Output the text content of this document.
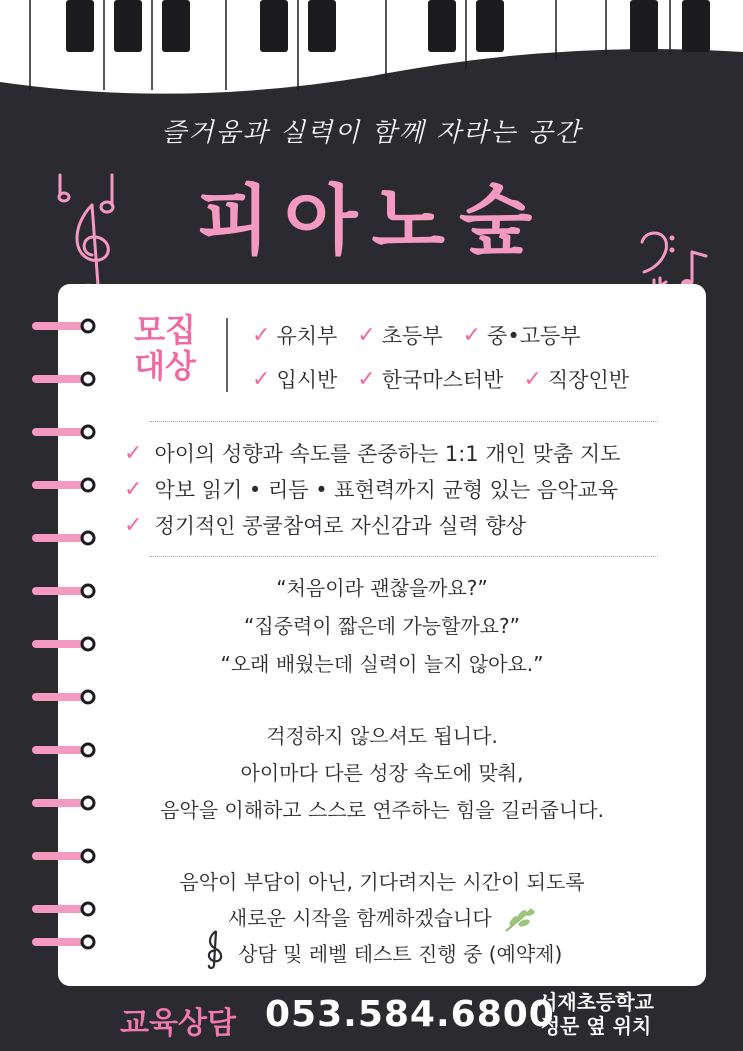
즐거움과 실력이 함께 자라는 공간
피아노숲
모집
대상
✓ 유치부 ✓ 초등부 ✓ 중•고등부
✓ 입시반 ✓ 한국마스터반 ✓ 직장인반
✓ 아이의 성향과 속도를 존중하는 1:1 개인 맞춤 지도
✓ 악보 읽기 • 리듬 • 표현력까지 균형 있는 음악교육
✓ 정기적인 콩쿨참여로 자신감과 실력 향상
“처음이라 괜찮을까요?”
“집중력이 짧은데 가능할까요?”
“오래 배웠는데 실력이 늘지 않아요.”
걱정하지 않으셔도 됩니다.
아이마다 다른 성장 속도에 맞춰,
음악을 이해하고 스스로 연주하는 힘을 길러줍니다.
음악이 부담이 아닌, 기다려지는 시간이 되도록
새로운 시작을 함께하겠습니다
상담 및 레벨 테스트 진행 중 (예약제)
교육상담 053.584.6800
서재초등학교
정문 옆 위치
